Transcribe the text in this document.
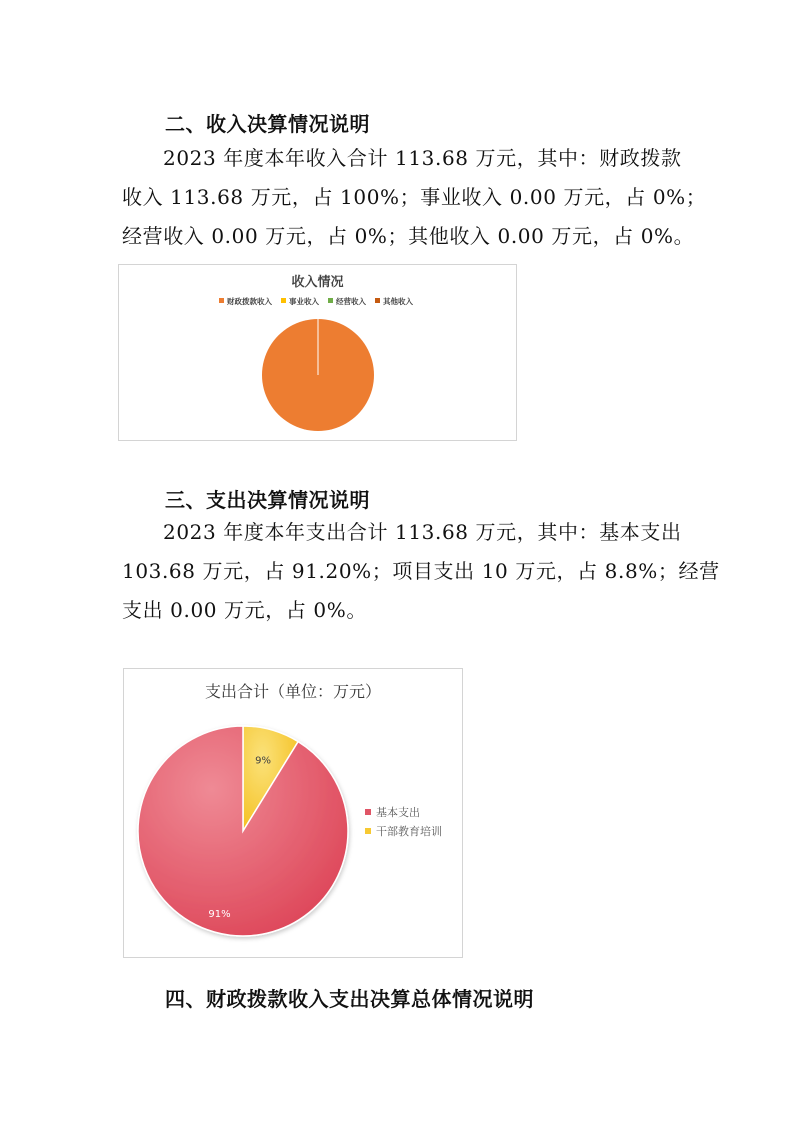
二、收入决算情况说明
2023 年度本年收入合计 113.68 万元，其中：财政拨款
收入 113.68 万元，占 100%；事业收入 0.00 万元，占 0%；
经营收入 0.00 万元，占 0%；其他收入 0.00 万元，占 0%。
收入情况
财政拨款收入 事业收入 经营收入 其他收入
三、支出决算情况说明
2023 年度本年支出合计 113.68 万元，其中：基本支出
103.68 万元，占 91.20%；项目支出 10 万元，占 8.8%；经营
支出 0.00 万元，占 0%。
支出合计（单位：万元）
9%
91%
基本支出
干部教育培训
四、财政拨款收入支出决算总体情况说明
